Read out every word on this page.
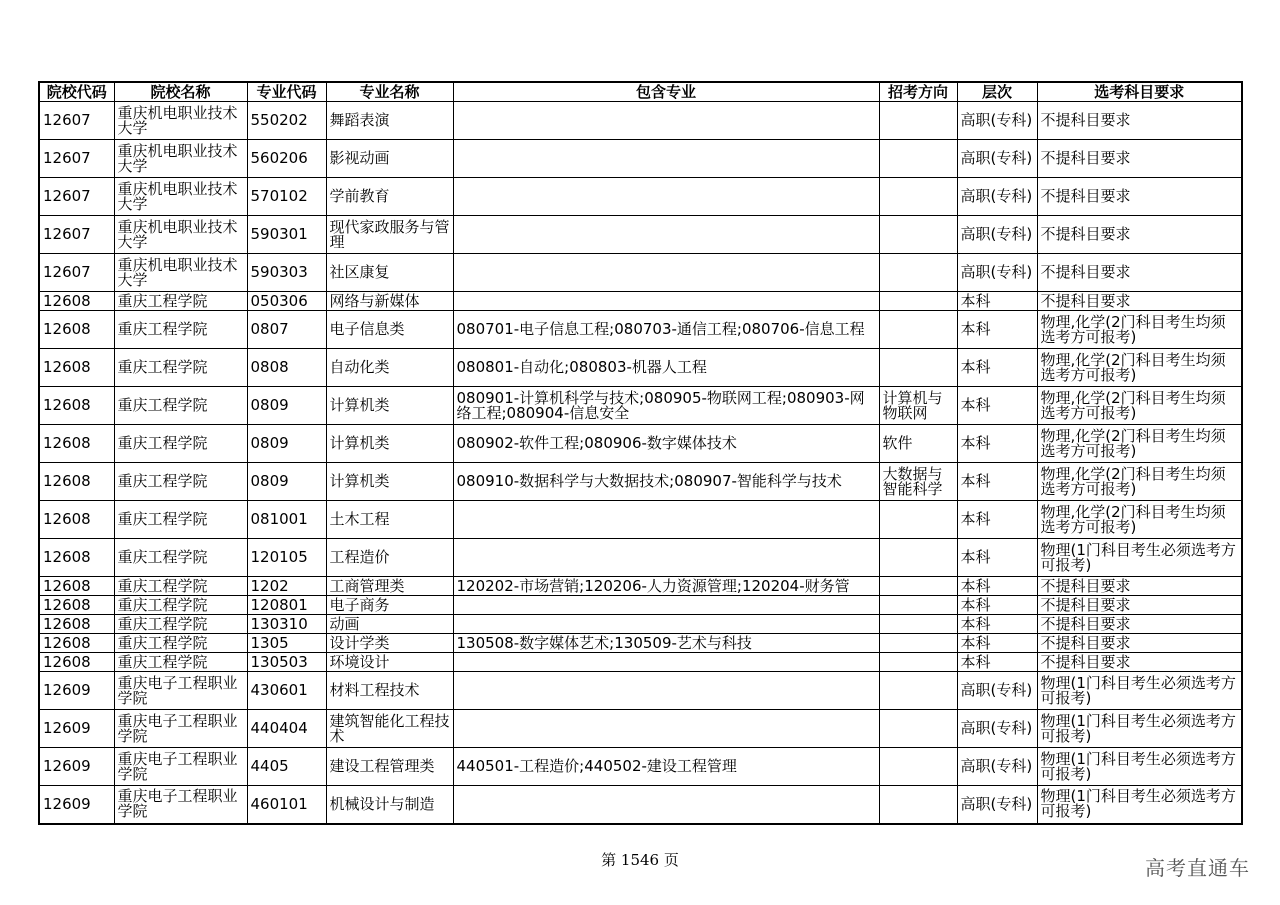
院校代码	院校名称	专业代码	专业名称	包含专业	招考方向	层次	选考科目要求
12607	重庆机电职业技术大学	550202	舞蹈表演			高职(专科)	不提科目要求
12607	重庆机电职业技术大学	560206	影视动画			高职(专科)	不提科目要求
12607	重庆机电职业技术大学	570102	学前教育			高职(专科)	不提科目要求
12607	重庆机电职业技术大学	590301	现代家政服务与管理			高职(专科)	不提科目要求
12607	重庆机电职业技术大学	590303	社区康复			高职(专科)	不提科目要求
12608	重庆工程学院	050306	网络与新媒体			本科	不提科目要求
12608	重庆工程学院	0807	电子信息类	080701-电子信息工程;080703-通信工程;080706-信息工程		本科	物理,化学(2门科目考生均须选考方可报考)
12608	重庆工程学院	0808	自动化类	080801-自动化;080803-机器人工程		本科	物理,化学(2门科目考生均须选考方可报考)
12608	重庆工程学院	0809	计算机类	080901-计算机科学与技术;080905-物联网工程;080903-网络工程;080904-信息安全	计算机与物联网	本科	物理,化学(2门科目考生均须选考方可报考)
12608	重庆工程学院	0809	计算机类	080902-软件工程;080906-数字媒体技术	软件	本科	物理,化学(2门科目考生均须选考方可报考)
12608	重庆工程学院	0809	计算机类	080910-数据科学与大数据技术;080907-智能科学与技术	大数据与智能科学	本科	物理,化学(2门科目考生均须选考方可报考)
12608	重庆工程学院	081001	土木工程			本科	物理,化学(2门科目考生均须选考方可报考)
12608	重庆工程学院	120105	工程造价			本科	物理(1门科目考生必须选考方可报考)
12608	重庆工程学院	1202	工商管理类	120202-市场营销;120206-人力资源管理;120204-财务管		本科	不提科目要求
12608	重庆工程学院	120801	电子商务			本科	不提科目要求
12608	重庆工程学院	130310	动画			本科	不提科目要求
12608	重庆工程学院	1305	设计学类	130508-数字媒体艺术;130509-艺术与科技		本科	不提科目要求
12608	重庆工程学院	130503	环境设计			本科	不提科目要求
12609	重庆电子工程职业学院	430601	材料工程技术			高职(专科)	物理(1门科目考生必须选考方可报考)
12609	重庆电子工程职业学院	440404	建筑智能化工程技术			高职(专科)	物理(1门科目考生必须选考方可报考)
12609	重庆电子工程职业学院	4405	建设工程管理类	440501-工程造价;440502-建设工程管理		高职(专科)	物理(1门科目考生必须选考方可报考)
12609	重庆电子工程职业学院	460101	机械设计与制造			高职(专科)	物理(1门科目考生必须选考方可报考)
第 1546 页	高考直通车
